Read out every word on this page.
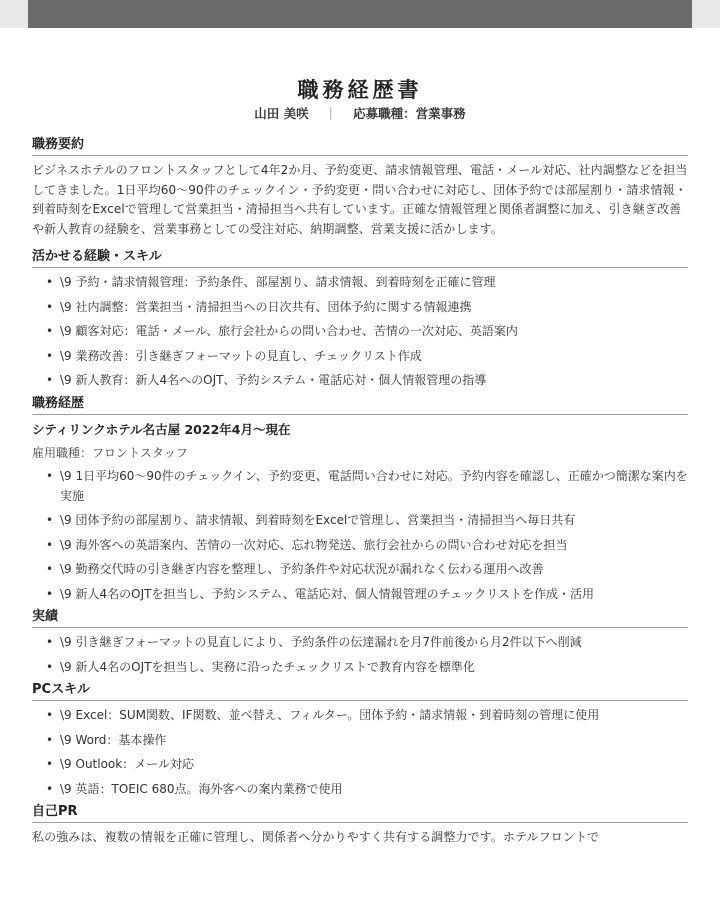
職務経歴書
山田 美咲 ｜ 応募職種：営業事務
職務要約

ビジネスホテルのフロントスタッフとして4年2か月、予約変更、請求情報管理、電話・メール対応、社内調整などを担当してきました。1日平均60〜90件のチェックイン・予約変更・問い合わせに対応し、団体予約では部屋割り・請求情報・到着時刻をExcelで管理して営業担当・清掃担当へ共有しています。正確な情報管理と関係者調整に加え、引き継ぎ改善や新人教育の経験を、営業事務としての受注対応、納期調整、営業支援に活かします。

活かせる経験・スキル
• \9 予約・請求情報管理：予約条件、部屋割り、請求情報、到着時刻を正確に管理
• \9 社内調整：営業担当・清掃担当への日次共有、団体予約に関する情報連携
• \9 顧客対応：電話・メール、旅行会社からの問い合わせ、苦情の一次対応、英語案内
• \9 業務改善：引き継ぎフォーマットの見直し、チェックリスト作成
• \9 新人教育：新人4名へのOJT、予約システム・電話応対・個人情報管理の指導
職務経歴
シティリンクホテル名古屋 2022年4月〜現在
雇用職種：フロントスタッフ
• \9 1日平均60〜90件のチェックイン、予約変更、電話問い合わせに対応。予約内容を確認し、正確かつ簡潔な案内を実施
• \9 団体予約の部屋割り、請求情報、到着時刻をExcelで管理し、営業担当・清掃担当へ毎日共有
• \9 海外客への英語案内、苦情の一次対応、忘れ物発送、旅行会社からの問い合わせ対応を担当
• \9 勤務交代時の引き継ぎ内容を整理し、予約条件や対応状況が漏れなく伝わる運用へ改善
• \9 新人4名のOJTを担当し、予約システム、電話応対、個人情報管理のチェックリストを作成・活用
実績
• \9 引き継ぎフォーマットの見直しにより、予約条件の伝達漏れを月7件前後から月2件以下へ削減
• \9 新人4名のOJTを担当し、実務に沿ったチェックリストで教育内容を標準化
PCスキル
• \9 Excel：SUM関数、IF関数、並べ替え、フィルター。団体予約・請求情報・到着時刻の管理に使用
• \9 Word：基本操作
• \9 Outlook：メール対応
• \9 英語：TOEIC 680点。海外客への案内業務で使用
自己PR

私の強みは、複数の情報を正確に管理し、関係者へ分かりやすく共有する調整力です。ホテルフロントで
